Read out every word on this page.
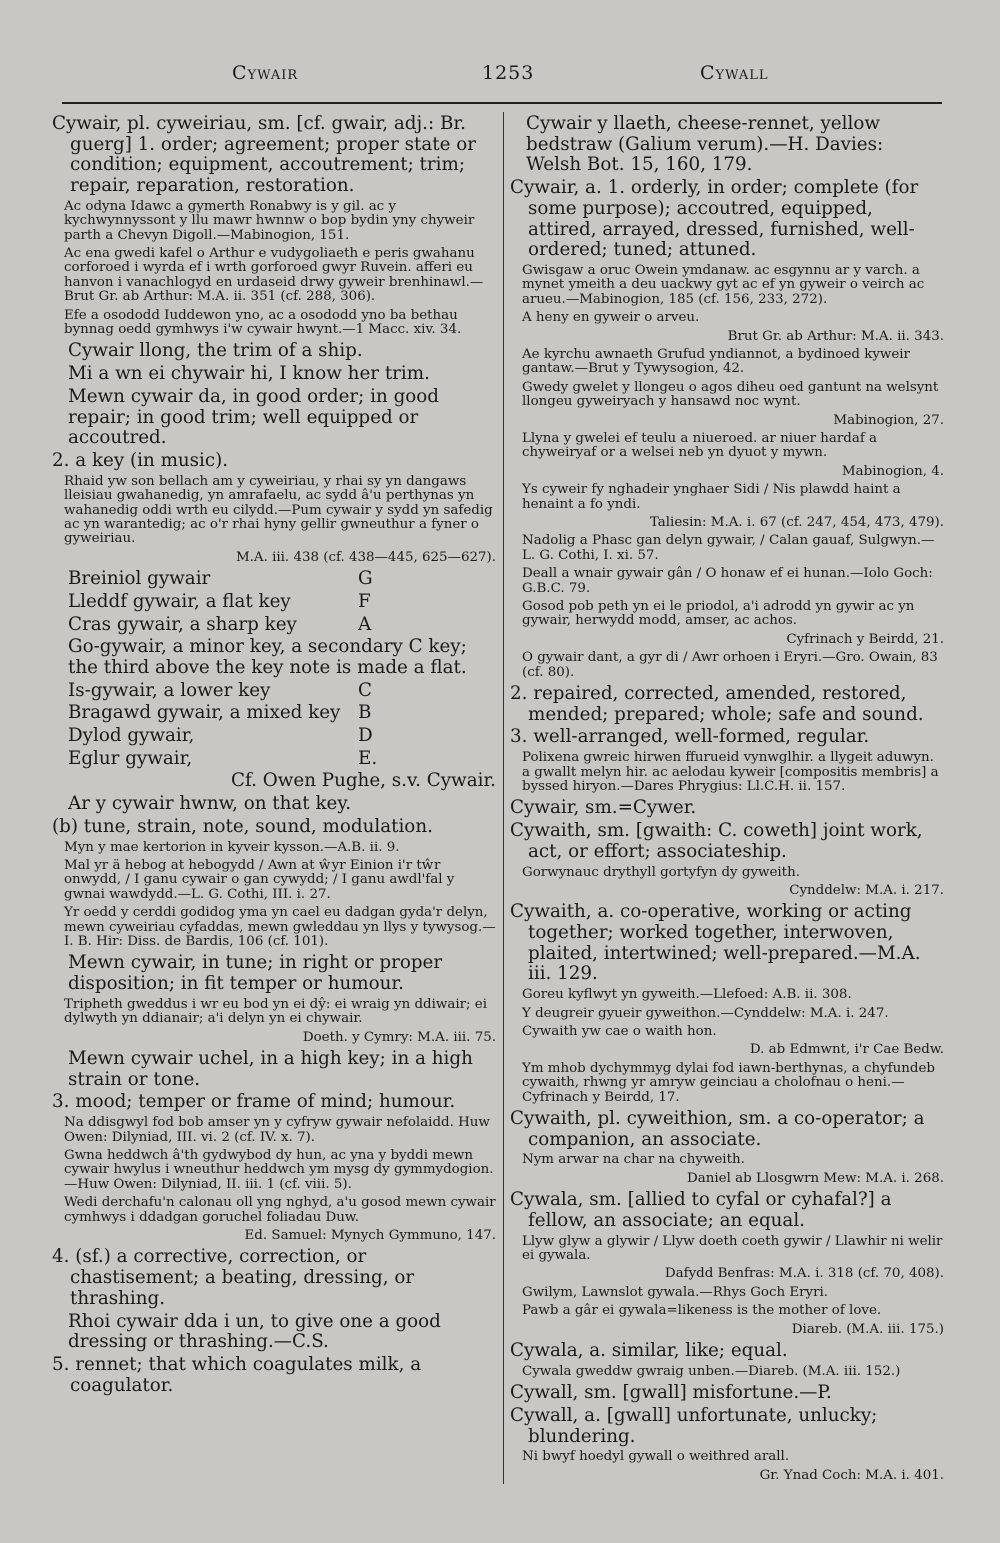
Cywair	1253	Cywall
Cywair, pl. cyweiriau, sm. [cf. gwair, adj.: Br. guerg] 1. order; agreement; proper state or condition; equipment, accoutrement; trim; repair, reparation, restoration.
Ac odyna Idawc a gymerth Ronabwy is y gil. ac y kychwynnyssont y llu mawr hwnnw o bop bydin yny chyweir parth a Chevyn Digoll.—Mabinogion, 151.
Ac ena gwedi kafel o Arthur e vudygoliaeth e peris gwahanu corforoed i wyrda ef i wrth gorforoed gwyr Ruvein. afferi eu hanvon i vanachlogyd en urdaseid drwy gyweir brenhinawl.—Brut Gr. ab Arthur: M.A. ii. 351 (cf. 288, 306).
Efe a osododd Iuddewon yno, ac a osododd yno ba bethau bynnag oedd gymhwys i'w cywair hwynt.—1 Macc. xiv. 34.
Cywair llong, the trim of a ship.
Mi a wn ei chywair hi, I know her trim.
Mewn cywair da, in good order; in good repair; in good trim; well equipped or accoutred.
2. a key (in music).
Rhaid yw son bellach am y cyweiriau, y rhai sy yn dangaws lleisiau gwahanedig, yn amrafaelu, ac sydd â'u perthynas yn wahanedig oddi wrth eu cilydd.—Pum cywair y sydd yn safedig ac yn warantedig; ac o'r rhai hyny gellir gwneuthur a fyner o gyweiriau.
M.A. iii. 438 (cf. 438—445, 625—627).
Breiniol gywair	G
Lleddf gywair, a flat key	F
Cras gywair, a sharp key	A
Go-gywair, a minor key, a secondary C key; the third above the key note is made a flat.
Is-gywair, a lower key	C
Bragawd gywair, a mixed key B
Dylod gywair,	D
Eglur gywair,	E.
Cf. Owen Pughe, s.v. Cywair.
Ar y cywair hwnw, on that key.
(b) tune, strain, note, sound, modulation.
Myn y mae kertorion in kyveir kysson.—A.B. ii. 9.
Mal yr ä hebog at hebogydd / Awn at ŵyr Einion i'r tŵr onwydd, / I ganu cywair o gan cywydd; / I ganu awdl'fal y gwnai wawdydd.—L. G. Cothi, III. i. 27.
Yr oedd y cerddi godidog yma yn cael eu dadgan gyda'r delyn, mewn cyweiriau cyfaddas, mewn gwleddau yn llys y tywysog.—I. B. Hir: Diss. de Bardis, 106 (cf. 101).
Mewn cywair, in tune; in right or proper disposition; in fit temper or humour.
Tripheth gweddus i wr eu bod yn ei dŷ: ei wraig yn ddiwair; ei dylwyth yn ddianair; a'i delyn yn ei chywair.
Doeth. y Cymry: M.A. iii. 75.
Mewn cywair uchel, in a high key; in a high strain or tone.
3. mood; temper or frame of mind; humour.
Na ddisgwyl fod bob amser yn y cyfryw gywair nefolaidd. Huw Owen: Dilyniad, III. vi. 2 (cf. IV. x. 7).
Gwna heddwch â'th gydwybod dy hun, ac yna y byddi mewn cywair hwylus i wneuthur heddwch ym mysg dy gymmydogion.—Huw Owen: Dilyniad, II. iii. 1 (cf. viii. 5).
Wedi derchafu'n calonau oll yng nghyd, a'u gosod mewn cywair cymhwys i ddadgan goruchel foliadau Duw.
Ed. Samuel: Mynych Gymmuno, 147.
4. (sf.) a corrective, correction, or chastisement; a beating, dressing, or thrashing.
Rhoi cywair dda i un, to give one a good dressing or thrashing.—C.S.
5. rennet; that which coagulates milk, a coagulator.
Cywair y llaeth, cheese-rennet, yellow bedstraw (Galium verum).—H. Davies: Welsh Bot. 15, 160, 179.
Cywair, a. 1. orderly, in order; complete (for some purpose); accoutred, equipped, attired, arrayed, dressed, furnished, well-ordered; tuned; attuned.
Gwisgaw a oruc Owein ymdanaw. ac esgynnu ar y varch. a mynet ymeith a deu uackwy gyt ac ef yn gyweir o veirch ac arueu.—Mabinogion, 185 (cf. 156, 233, 272).
A heny en gyweir o arveu.
Brut Gr. ab Arthur: M.A. ii. 343.
Ae kyrchu awnaeth Grufud yndiannot, a bydinoed kyweir gantaw.—Brut y Tywysogion, 42.
Gwedy gwelet y llongeu o agos diheu oed gantunt na welsynt llongeu gyweiryach y hansawd noc wynt.
Mabinogion, 27.
Llyna y gwelei ef teulu a niueroed. ar niuer hardaf a chyweiryaf or a welsei neb yn dyuot y mywn.
Mabinogion, 4.
Ys cyweir fy nghadeir ynghaer Sidi / Nis plawdd haint a henaint a fo yndi.
Taliesin: M.A. i. 67 (cf. 247, 454, 473, 479).
Nadolig a Phasc gan delyn gywair, / Calan gauaf, Sulgwyn.—L. G. Cothi, I. xi. 57.
Deall a wnair gywair gân / O honaw ef ei hunan.—Iolo Goch: G.B.C. 79.
Gosod pob peth yn ei le priodol, a'i adrodd yn gywir ac yn gywair, herwydd modd, amser, ac achos.
Cyfrinach y Beirdd, 21.
O gywair dant, a gyr di / Awr orhoen i Eryri.—Gro. Owain, 83 (cf. 80).
2. repaired, corrected, amended, restored, mended; prepared; whole; safe and sound.
3. well-arranged, well-formed, regular.
Polixena gwreic hirwen ffurueid vynwglhir. a llygeit aduwyn. a gwallt melyn hir. ac aelodau kyweir [compositis membris] a byssed hiryon.—Dares Phrygius: Ll.C.H. ii. 157.
Cywair, sm.=Cywer.
Cywaith, sm. [gwaith: C. coweth] joint work, act, or effort; associateship.
Gorwynauc drythyll gortyfyn dy gyweith.
Cynddelw: M.A. i. 217.
Cywaith, a. co-operative, working or acting together; worked together, interwoven, plaited, intertwined; well-prepared.—M.A. iii. 129.
Goreu kyflwyt yn gyweith.—Llefoed: A.B. ii. 308.
Y deugreir gyueir gyweithon.—Cynddelw: M.A. i. 247.
Cywaith yw cae o waith hon.
D. ab Edmwnt, i'r Cae Bedw.
Ym mhob dychymmyg dylai fod iawn-berthynas, a chyfundeb cywaith, rhwng yr amryw geinciau a cholofnau o heni.—Cyfrinach y Beirdd, 17.
Cywaith, pl. cyweithion, sm. a co-operator; a companion, an associate.
Nym arwar na char na chyweith.
Daniel ab Llosgwrn Mew: M.A. i. 268.
Cywala, sm. [allied to cyfal or cyhafal?] a fellow, an associate; an equal.
Llyw glyw a glywir / Llyw doeth coeth gywir / Llawhir ni welir ei gywala.
Dafydd Benfras: M.A. i. 318 (cf. 70, 408).
Gwilym, Lawnslot gywala.—Rhys Goch Eryri.
Pawb a gâr ei gywala=likeness is the mother of love.
Diareb. (M.A. iii. 175.)
Cywala, a. similar, like; equal.
Cywala gweddw gwraig unben.—Diareb. (M.A. iii. 152.)
Cywall, sm. [gwall] misfortune.—P.
Cywall, a. [gwall] unfortunate, unlucky; blundering.
Ni bwyf hoedyl gywall o weithred arall.
Gr. Ynad Coch: M.A. i. 401.
